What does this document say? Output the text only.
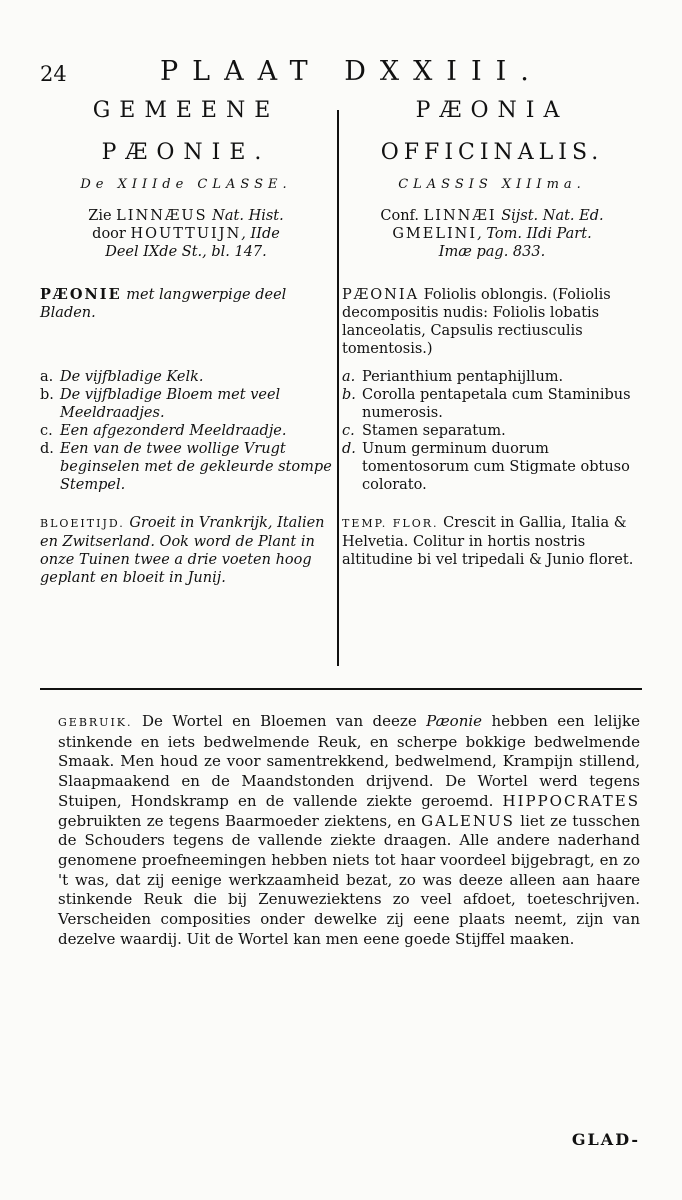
24	PLAAT DXXIII.
GEMEENE
PÆONIE.
De XIIIde CLASSE.
Zie LINNÆUS Nat. Hist.
door HOUTTUIJN, IIde
Deel IXde St., bl. 147.

PÆONIE met langwerpige deel Bladen.

a. De vijfbladige Kelk.
b. De vijfbladige Bloem met veel Meeldraadjes.
c. Een afgezonderd Meeldraadje.
d. Een van de twee wollige Vrugt beginselen met de gekleurde stompe Stempel.

BLOEITIJD. Groeit in Vrankrijk, Italien en Zwitserland. Ook word de Plant in onze Tuinen twee a drie voeten hoog geplant en bloeit in Junij.

PÆONIA
OFFICINALIS.
CLASSIS XIIIma.
Conf. LINNÆI Sijst. Nat. Ed.
GMELINI, Tom. IIdi Part.
Imæ pag. 833.

PÆONIA Foliolis oblongis. (Foliolis decompositis nudis: Foliolis lobatis lanceolatis, Capsulis rectiusculis tomentosis.)

a. Perianthium pentaphijllum.
b. Corolla pentapetala cum Staminibus numerosis.
c. Stamen separatum.
d. Unum germinum duorum tomentosorum cum Stigmate obtuso colorato.

TEMP. FLOR. Crescit in Gallia, Italia & Helvetia. Colitur in hortis nostris altitudine bi vel tripedali & Junio floret.

GEBRUIK. De Wortel en Bloemen van deeze Pæonie hebben een lelijke stinkende en iets bedwelmende Reuk, en scherpe bokkige bedwelmende Smaak. Men houd ze voor samentrekkend, bedwelmend, Krampijn stillend, Slaapmaakend en de Maandstonden drijvend. De Wortel werd tegens Stuipen, Hondskramp en de vallende ziekte geroemd. HIPPOCRATES gebruikten ze tegens Baarmoeder ziektens, en GALENUS liet ze tusschen de Schouders tegens de vallende ziekte draagen. Alle andere naderhand genomene proefneemingen hebben niets tot haar voordeel bijgebragt, en zo 't was, dat zij eenige werkzaamheid bezat, zo was deeze alleen aan haare stinkende Reuk die bij Zenuweziektens zo veel afdoet, toeteschrijven. Verscheiden composities onder dewelke zij eene plaats neemt, zijn van dezelve waardij. Uit de Wortel kan men eene goede Stijffel maaken.

GLAD-
